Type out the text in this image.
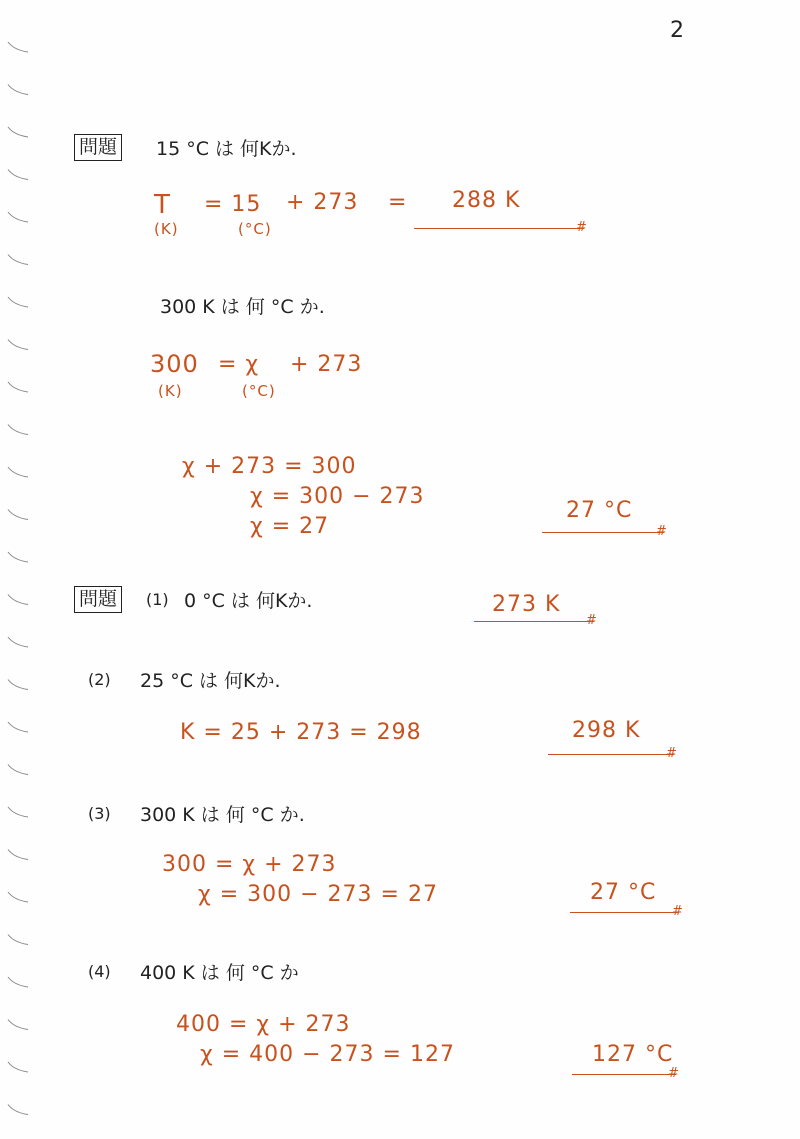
2
問題 15 °C は 何Kか.
T = 15 + 273 = 288 K
(K)	(°C)	#
300 K は 何 °C か.
300 = χ + 273
(K)	(°C)
χ + 273 = 300
χ = 300 − 273
χ = 27
27 °C
#
問題	(1) 0 °C は 何Kか.	273 K
#
(2) 25 °C は 何Kか.
K = 25 + 273 = 298	298 K
#
(3) 300 K は 何 °C か.
300 = χ + 273
χ = 300 − 273 = 27	27 °C
#
(4) 400 K は 何 °C か
400 = χ + 273
χ = 400 − 273 = 127	127 °C
#
